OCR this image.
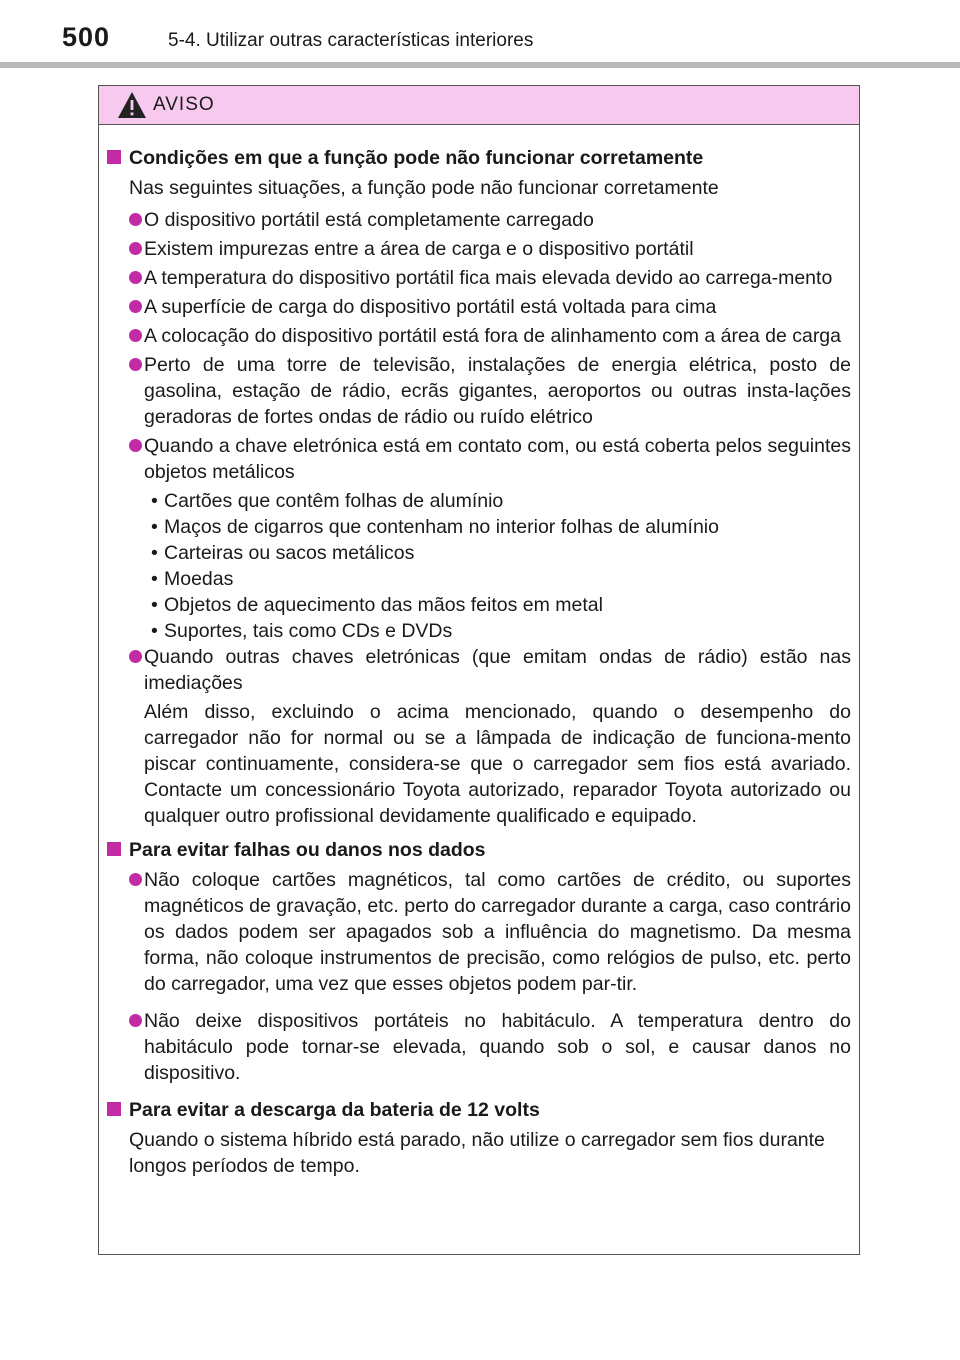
500	5-4. Utilizar outras características interiores
AVISO
Condições em que a função pode não funcionar corretamente
Nas seguintes situações, a função pode não funcionar corretamente
O dispositivo portátil está completamente carregado
Existem impurezas entre a área de carga e o dispositivo portátil
A temperatura do dispositivo portátil fica mais elevada devido ao carrega-mento
A superfície de carga do dispositivo portátil está voltada para cima
A colocação do dispositivo portátil está fora de alinhamento com a área de carga
Perto de uma torre de televisão, instalações de energia elétrica, posto de gasolina, estação de rádio, ecrãs gigantes, aeroportos ou outras insta-lações geradoras de fortes ondas de rádio ou ruído elétrico
Quando a chave eletrónica está em contato com, ou está coberta pelos seguintes objetos metálicos
• Cartões que contêm folhas de alumínio
• Maços de cigarros que contenham no interior folhas de alumínio
• Carteiras ou sacos metálicos
• Moedas
• Objetos de aquecimento das mãos feitos em metal
• Suportes, tais como CDs e DVDs
Quando outras chaves eletrónicas (que emitam ondas de rádio) estão nas imediações
Além disso, excluindo o acima mencionado, quando o desempenho do carregador não for normal ou se a lâmpada de indicação de funciona-mento piscar continuamente, considera-se que o carregador sem fios está avariado. Contacte um concessionário Toyota autorizado, reparador Toyota autorizado ou qualquer outro profissional devidamente qualificado e equipado.
Para evitar falhas ou danos nos dados
Não coloque cartões magnéticos, tal como cartões de crédito, ou suportes magnéticos de gravação, etc. perto do carregador durante a carga, caso contrário os dados podem ser apagados sob a influência do magnetismo. Da mesma forma, não coloque instrumentos de precisão, como relógios de pulso, etc. perto do carregador, uma vez que esses objetos podem par-tir.
Não deixe dispositivos portáteis no habitáculo. A temperatura dentro do habitáculo pode tornar-se elevada, quando sob o sol, e causar danos no dispositivo.
Para evitar a descarga da bateria de 12 volts
Quando o sistema híbrido está parado, não utilize o carregador sem fios durante longos períodos de tempo.
